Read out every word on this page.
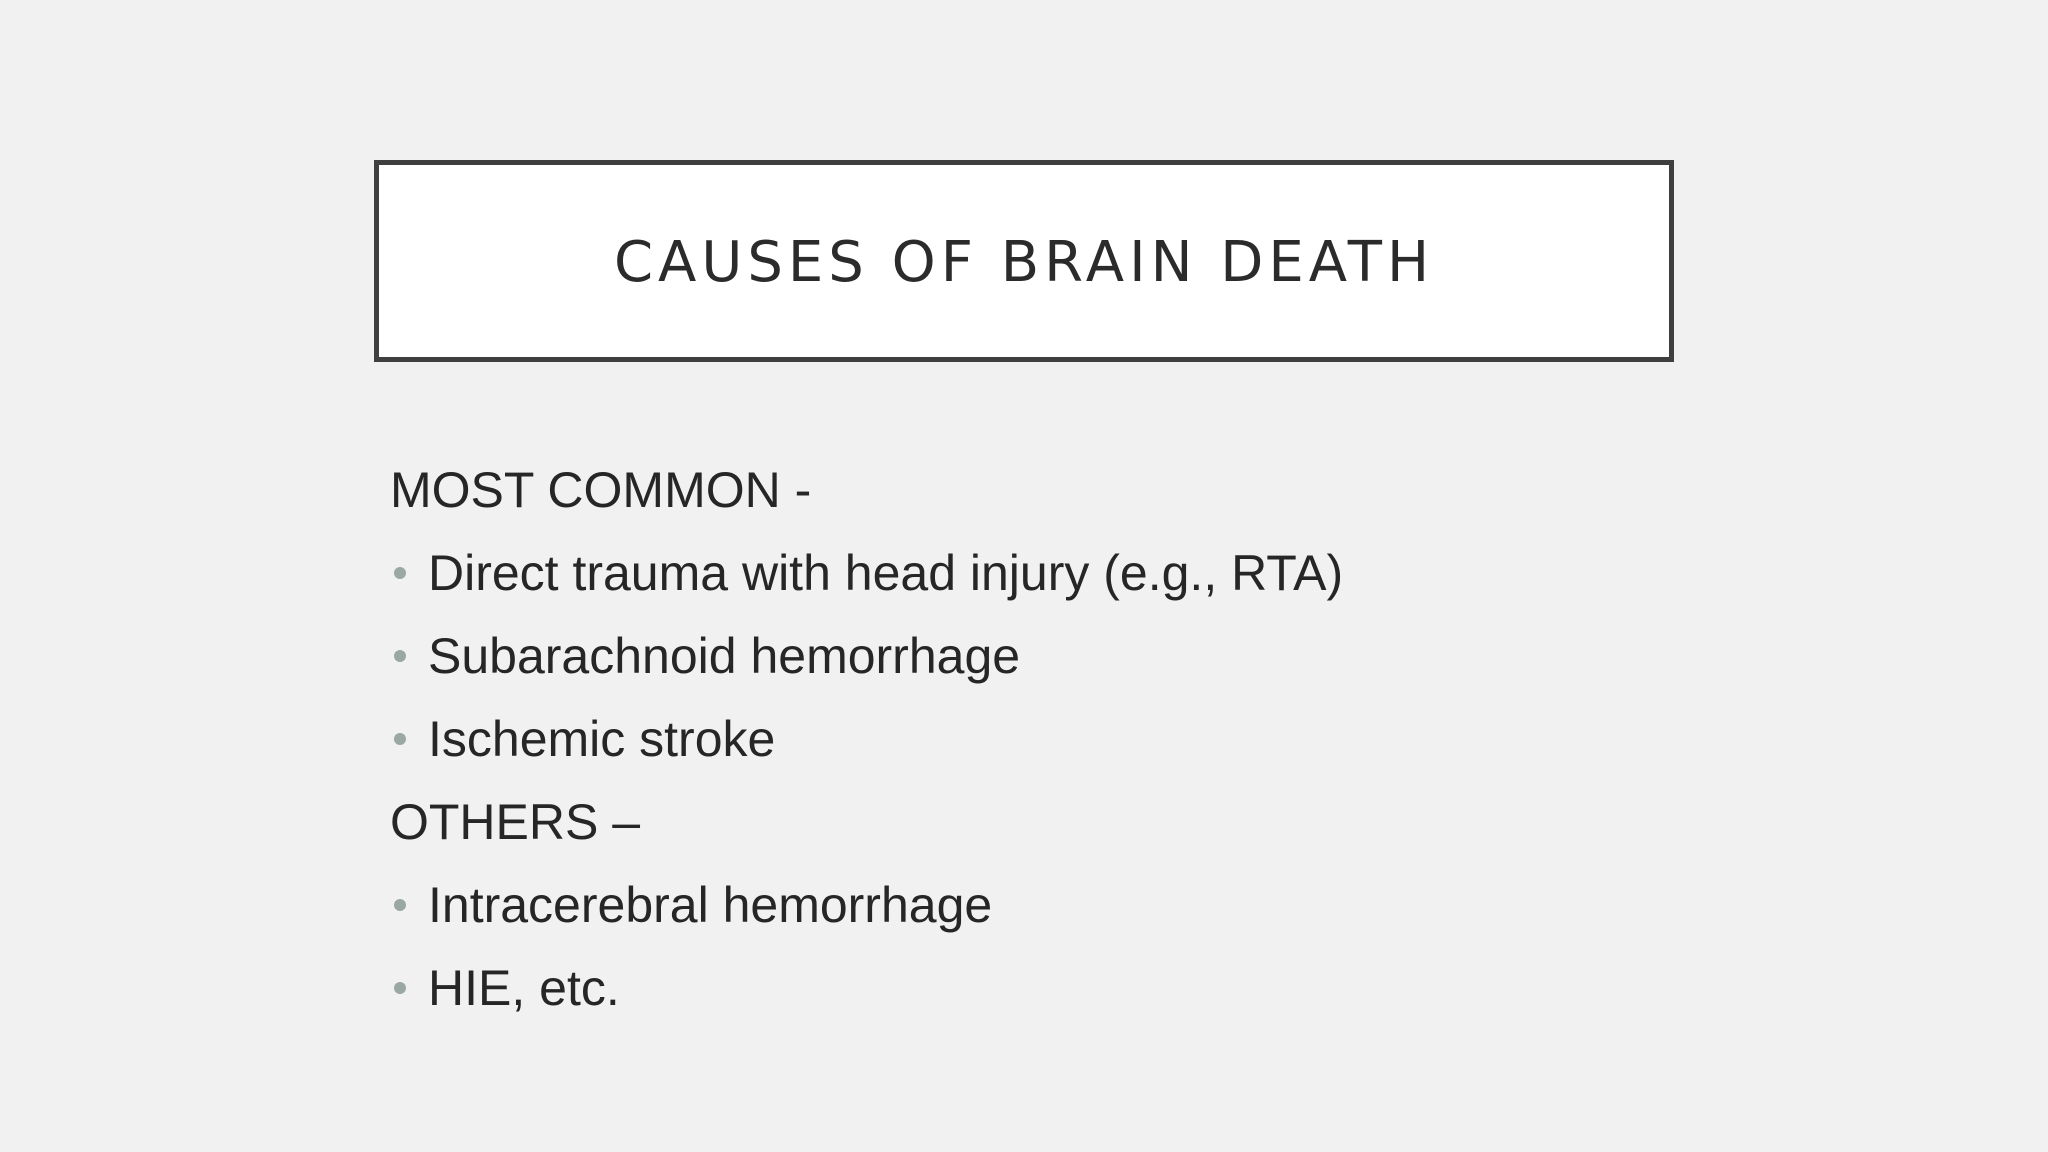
CAUSES OF BRAIN DEATH
MOST COMMON -
Direct trauma with head injury (e.g., RTA)
Subarachnoid hemorrhage
Ischemic stroke
OTHERS –
Intracerebral hemorrhage
HIE, etc.
